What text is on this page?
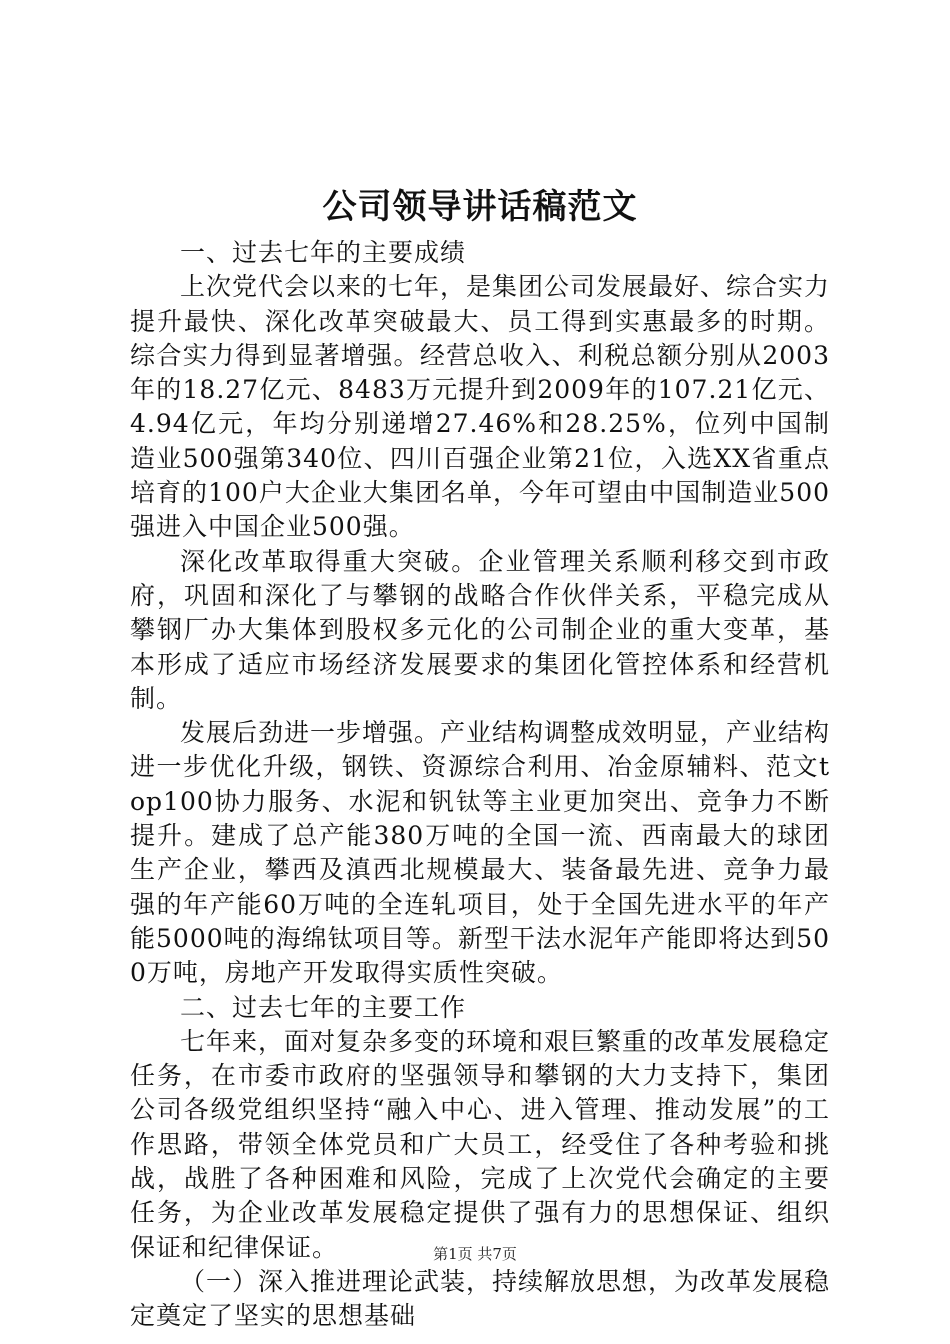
公司领导讲话稿范文

一、过去七年的主要成绩

上次党代会以来的七年，是集团公司发展最好、综合实力提升最快、深化改革突破最大、员工得到实惠最多的时期。综合实力得到显著增强。经营总收入、利税总额分别从2003年的18.27亿元、8483万元提升到2009年的107.21亿元、4.94亿元，年均分别递增27.46%和28.25%，位列中国制造业500强第340位、四川百强企业第21位，入选XX省重点培育的100户大企业大集团名单，今年可望由中国制造业500强进入中国企业500强。

深化改革取得重大突破。企业管理关系顺利移交到市政府，巩固和深化了与攀钢的战略合作伙伴关系，平稳完成从攀钢厂办大集体到股权多元化的公司制企业的重大变革，基本形成了适应市场经济发展要求的集团化管控体系和经营机制。

发展后劲进一步增强。产业结构调整成效明显，产业结构进一步优化升级，钢铁、资源综合利用、冶金原辅料、范文top100协力服务、水泥和钒钛等主业更加突出、竞争力不断提升。建成了总产能380万吨的全国一流、西南最大的球团生产企业，攀西及滇西北规模最大、装备最先进、竞争力最强的年产能60万吨的全连轧项目，处于全国先进水平的年产能5000吨的海绵钛项目等。新型干法水泥年产能即将达到500万吨，房地产开发取得实质性突破。

二、过去七年的主要工作

七年来，面对复杂多变的环境和艰巨繁重的改革发展稳定任务，在市委市政府的坚强领导和攀钢的大力支持下，集团公司各级党组织坚持“融入中心、进入管理、推动发展”的工作思路，带领全体党员和广大员工，经受住了各种考验和挑战，战胜了各种困难和风险，完成了上次党代会确定的主要任务，为企业改革发展稳定提供了强有力的思想保证、组织保证和纪律保证。

（一）深入推进理论武装，持续解放思想，为改革发展稳定奠定了坚实的思想基础

第1页 共7页
